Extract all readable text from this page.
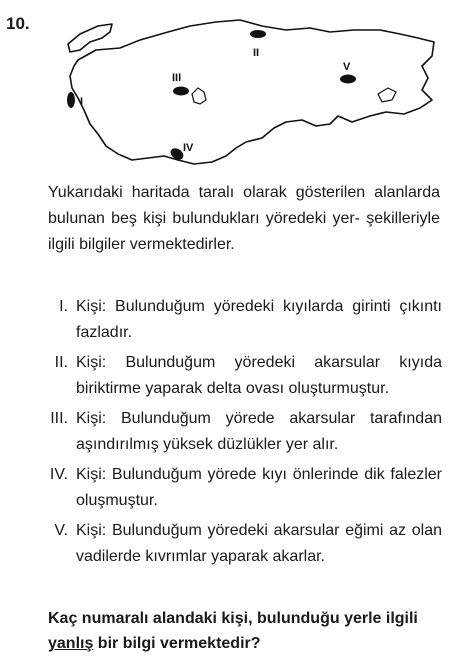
10.
I
II
III
IV
V

Yukarıdaki haritada taralı olarak gösterilen alanlarda bulunan beş kişi bulundukları yöredeki yer- şekilleriyle ilgili bilgiler vermektedirler.

I. Kişi: Bulunduğum yöredeki kıyılarda girinti çıkıntı fazladır.
II. Kişi: Bulunduğum yöredeki akarsular kıyıda biriktirme yaparak delta ovası oluşturmuştur.
III. Kişi: Bulunduğum yörede akarsular tarafından aşındırılmış yüksek düzlükler yer alır.
IV. Kişi: Bulunduğum yörede kıyı önlerinde dik falezler oluşmuştur.
V. Kişi: Bulunduğum yöredeki akarsular eğimi az olan vadilerde kıvrımlar yaparak akarlar.

Kaç numaralı alandaki kişi, bulunduğu yerle ilgili yanlış bir bilgi vermektedir?
